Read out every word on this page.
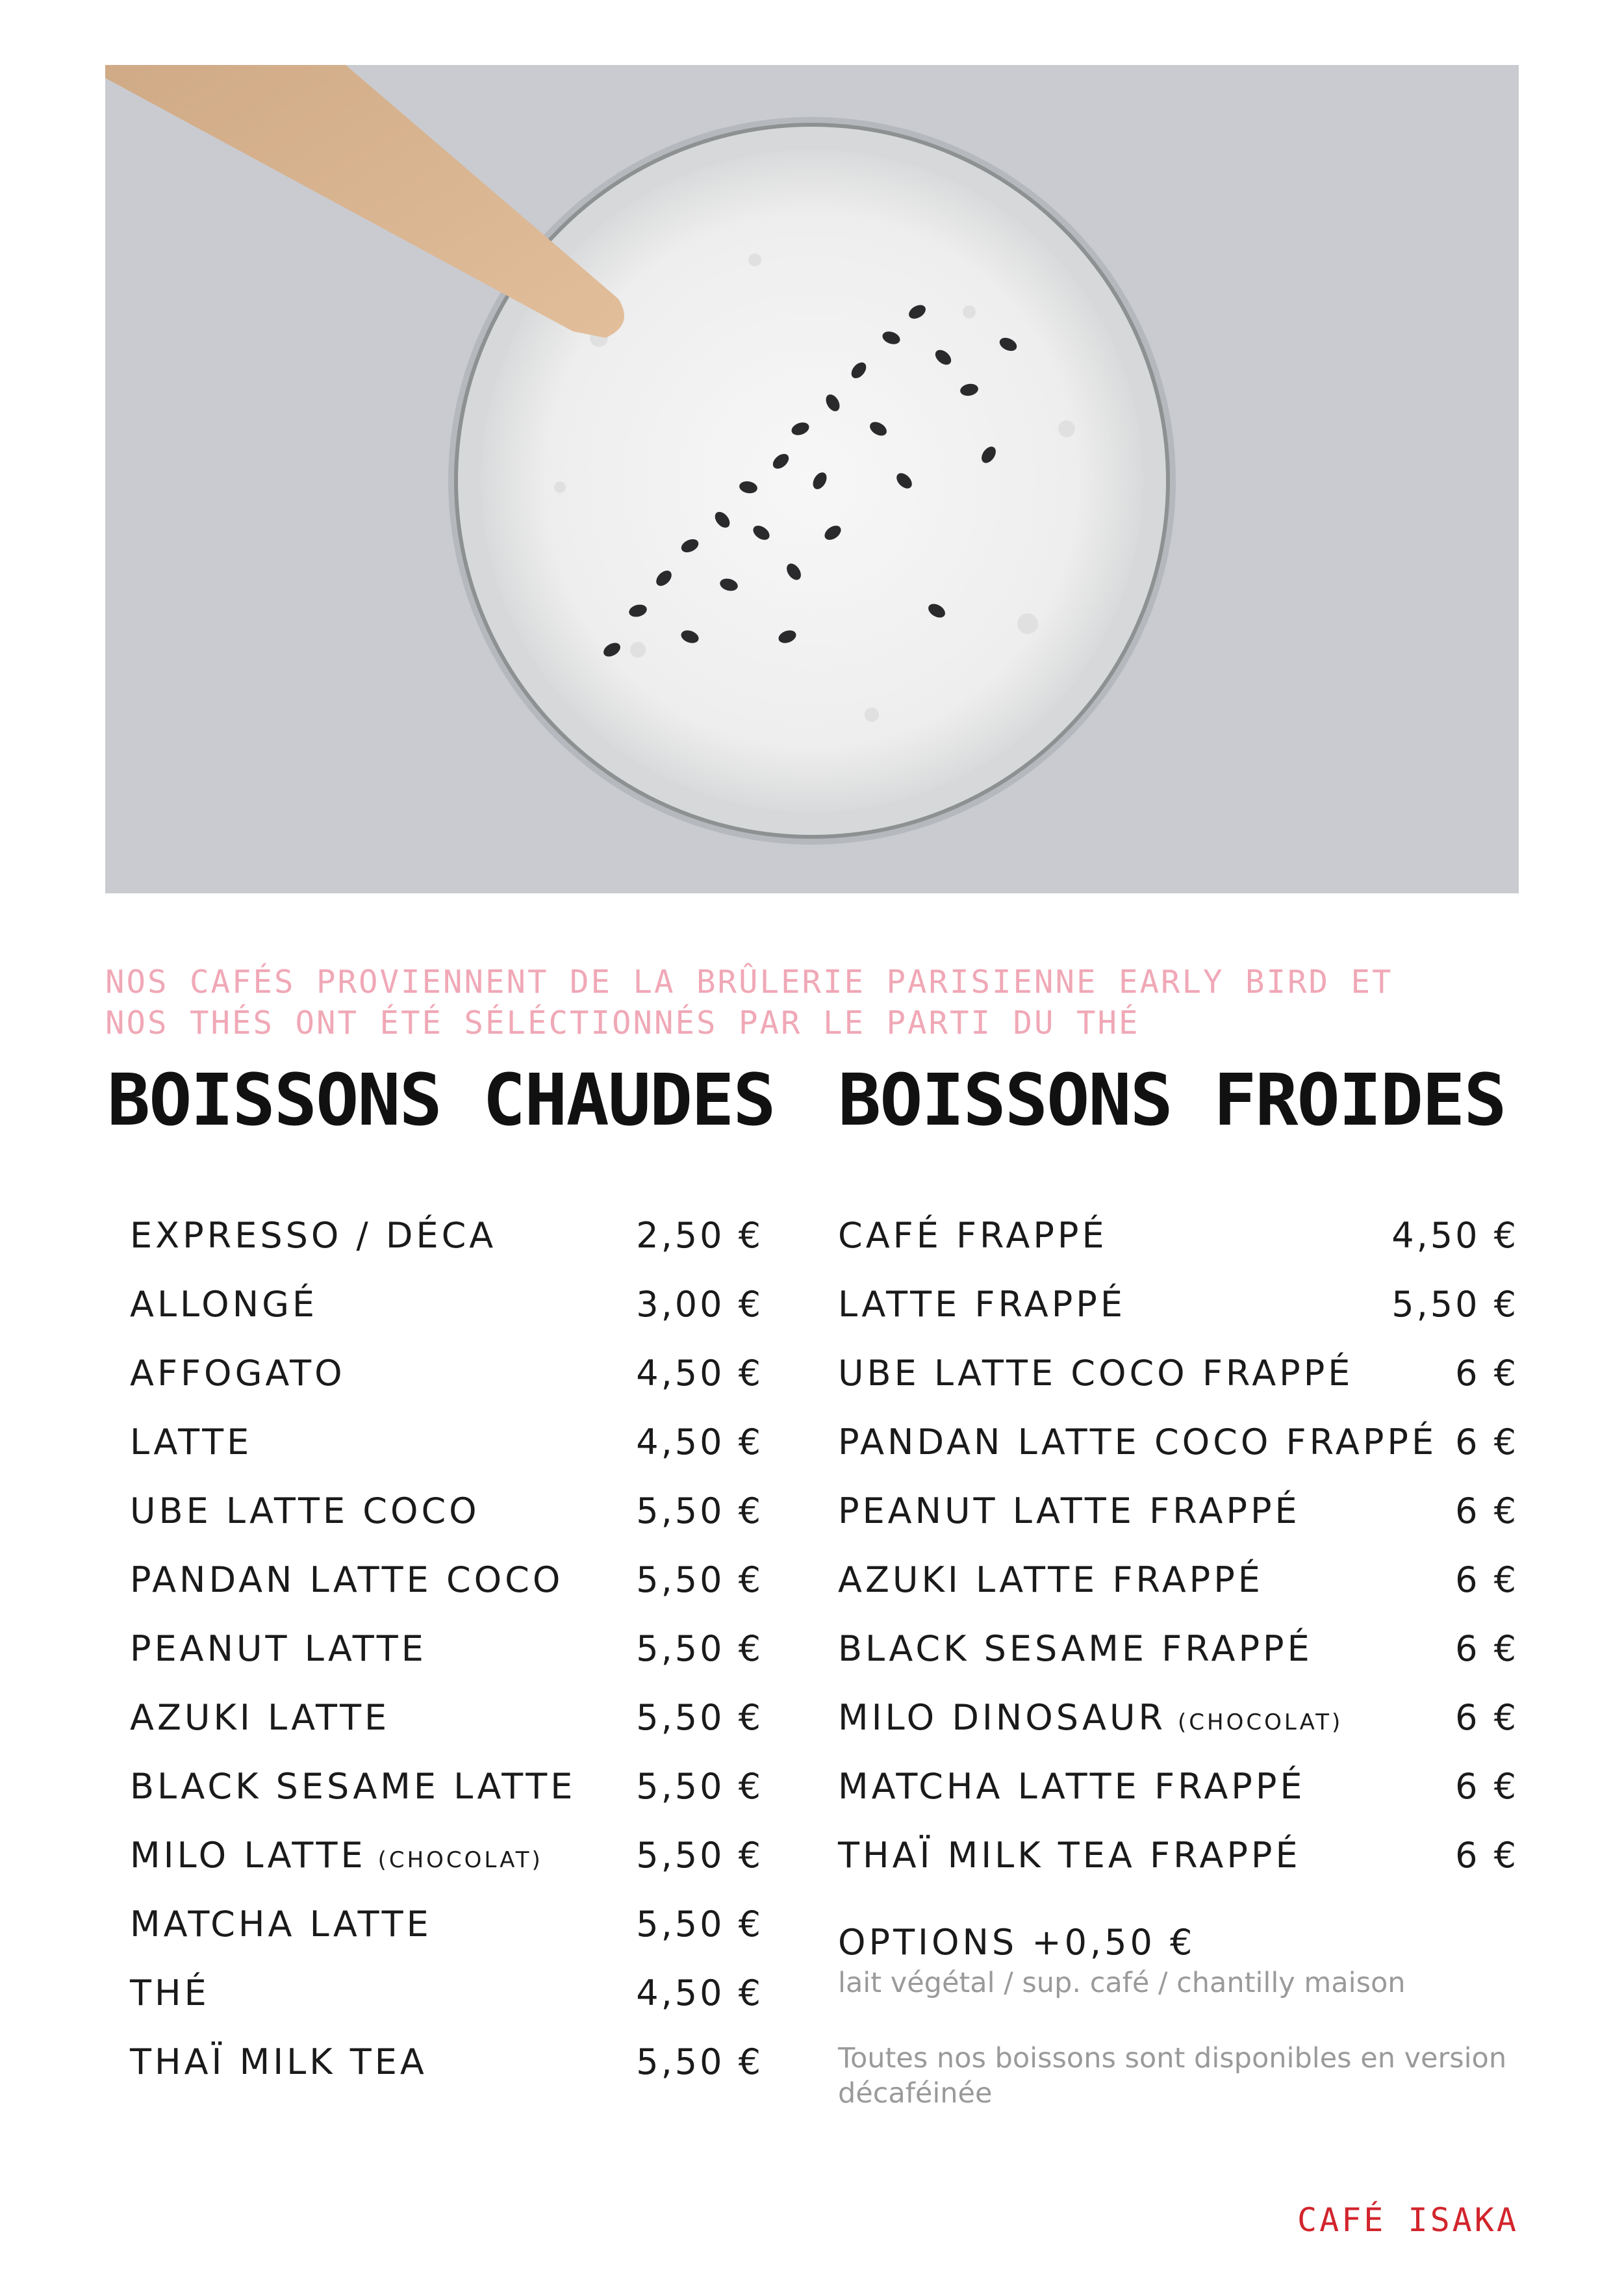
NOS CAFÉS PROVIENNENT DE LA BRÛLERIE PARISIENNE EARLY BIRD ET
NOS THÉS ONT ÉTÉ SÉLÉCTIONNÉS PAR LE PARTI DU THÉ
BOISSONS CHAUDES BOISSONS FROIDES
EXPRESSO / DÉCA	2,50 €
ALLONGÉ	3,00 €
AFFOGATO	4,50 €
LATTE	4,50 €
UBE LATTE COCO	5,50 €
PANDAN LATTE COCO 5,50 €
PEANUT LATTE	5,50 €
AZUKI LATTE	5,50 €
BLACK SESAME LATTE 5,50 €
MILO LATTE (CHOCOLAT)	5,50 €
MATCHA LATTE	5,50 €
THÉ	4,50 €
THAÏ MILK TEA	5,50 €
CAFÉ FRAPPÉ	4,50 €
LATTE FRAPPÉ	5,50 €
UBE LATTE COCO FRAPPÉ	6 €
PANDAN LATTE COCO FRAPPÉ 6 €
PEANUT LATTE FRAPPÉ	6 €
AZUKI LATTE FRAPPÉ	6 €
BLACK SESAME FRAPPÉ	6 €
MILO DINOSAUR (CHOCOLAT)	6 €
MATCHA LATTE FRAPPÉ	6 €
THAÏ MILK TEA FRAPPÉ	6 €
OPTIONS +0,50 €
lait végétal / sup. café / chantilly maison
Toutes nos boissons sont disponibles en version décaféinée
CAFÉ ISAKA
